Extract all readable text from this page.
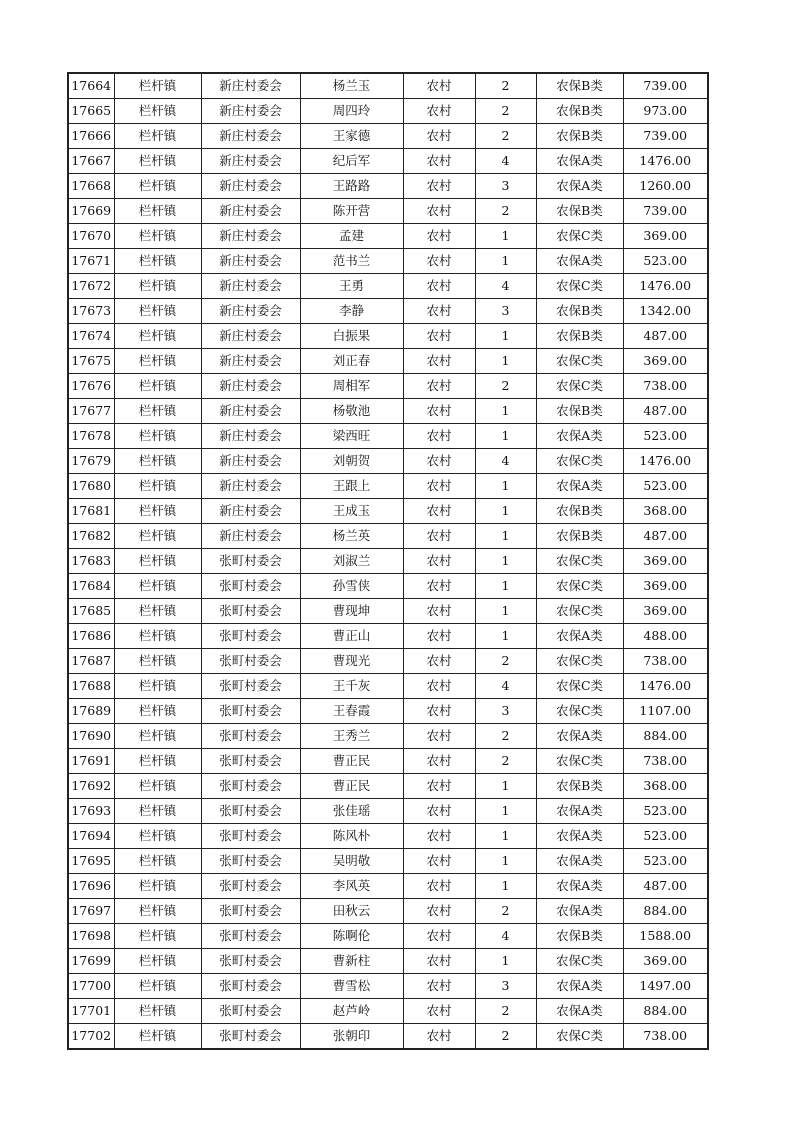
17664	栏杆镇	新庄村委会	杨兰玉	农村	2	农保B类	739.00
17665	栏杆镇	新庄村委会	周四玲	农村	2	农保B类	973.00
17666	栏杆镇	新庄村委会	王家德	农村	2	农保B类	739.00
17667	栏杆镇	新庄村委会	纪后军	农村	4	农保A类	1476.00
17668	栏杆镇	新庄村委会	王路路	农村	3	农保A类	1260.00
17669	栏杆镇	新庄村委会	陈开营	农村	2	农保B类	739.00
17670	栏杆镇	新庄村委会	孟建	农村	1	农保C类	369.00
17671	栏杆镇	新庄村委会	范书兰	农村	1	农保A类	523.00
17672	栏杆镇	新庄村委会	王勇	农村	4	农保C类	1476.00
17673	栏杆镇	新庄村委会	李静	农村	3	农保B类	1342.00
17674	栏杆镇	新庄村委会	白振果	农村	1	农保B类	487.00
17675	栏杆镇	新庄村委会	刘正春	农村	1	农保C类	369.00
17676	栏杆镇	新庄村委会	周相军	农村	2	农保C类	738.00
17677	栏杆镇	新庄村委会	杨敬池	农村	1	农保B类	487.00
17678	栏杆镇	新庄村委会	梁西旺	农村	1	农保A类	523.00
17679	栏杆镇	新庄村委会	刘朝贺	农村	4	农保C类	1476.00
17680	栏杆镇	新庄村委会	王跟上	农村	1	农保A类	523.00
17681	栏杆镇	新庄村委会	王成玉	农村	1	农保B类	368.00
17682	栏杆镇	新庄村委会	杨兰英	农村	1	农保B类	487.00
17683	栏杆镇	张町村委会	刘淑兰	农村	1	农保C类	369.00
17684	栏杆镇	张町村委会	孙雪侠	农村	1	农保C类	369.00
17685	栏杆镇	张町村委会	曹现坤	农村	1	农保C类	369.00
17686	栏杆镇	张町村委会	曹正山	农村	1	农保A类	488.00
17687	栏杆镇	张町村委会	曹现光	农村	2	农保C类	738.00
17688	栏杆镇	张町村委会	王千灰	农村	4	农保C类	1476.00
17689	栏杆镇	张町村委会	王春霞	农村	3	农保C类	1107.00
17690	栏杆镇	张町村委会	王秀兰	农村	2	农保A类	884.00
17691	栏杆镇	张町村委会	曹正民	农村	2	农保C类	738.00
17692	栏杆镇	张町村委会	曹正民	农村	1	农保B类	368.00
17693	栏杆镇	张町村委会	张佳瑶	农村	1	农保A类	523.00
17694	栏杆镇	张町村委会	陈风朴	农村	1	农保A类	523.00
17695	栏杆镇	张町村委会	吴明敬	农村	1	农保A类	523.00
17696	栏杆镇	张町村委会	李风英	农村	1	农保A类	487.00
17697	栏杆镇	张町村委会	田秋云	农村	2	农保A类	884.00
17698	栏杆镇	张町村委会	陈啊伦	农村	4	农保B类	1588.00
17699	栏杆镇	张町村委会	曹新柱	农村	1	农保C类	369.00
17700	栏杆镇	张町村委会	曹雪松	农村	3	农保A类	1497.00
17701	栏杆镇	张町村委会	赵芦岭	农村	2	农保A类	884.00
17702	栏杆镇	张町村委会	张朝印	农村	2	农保C类	738.00
